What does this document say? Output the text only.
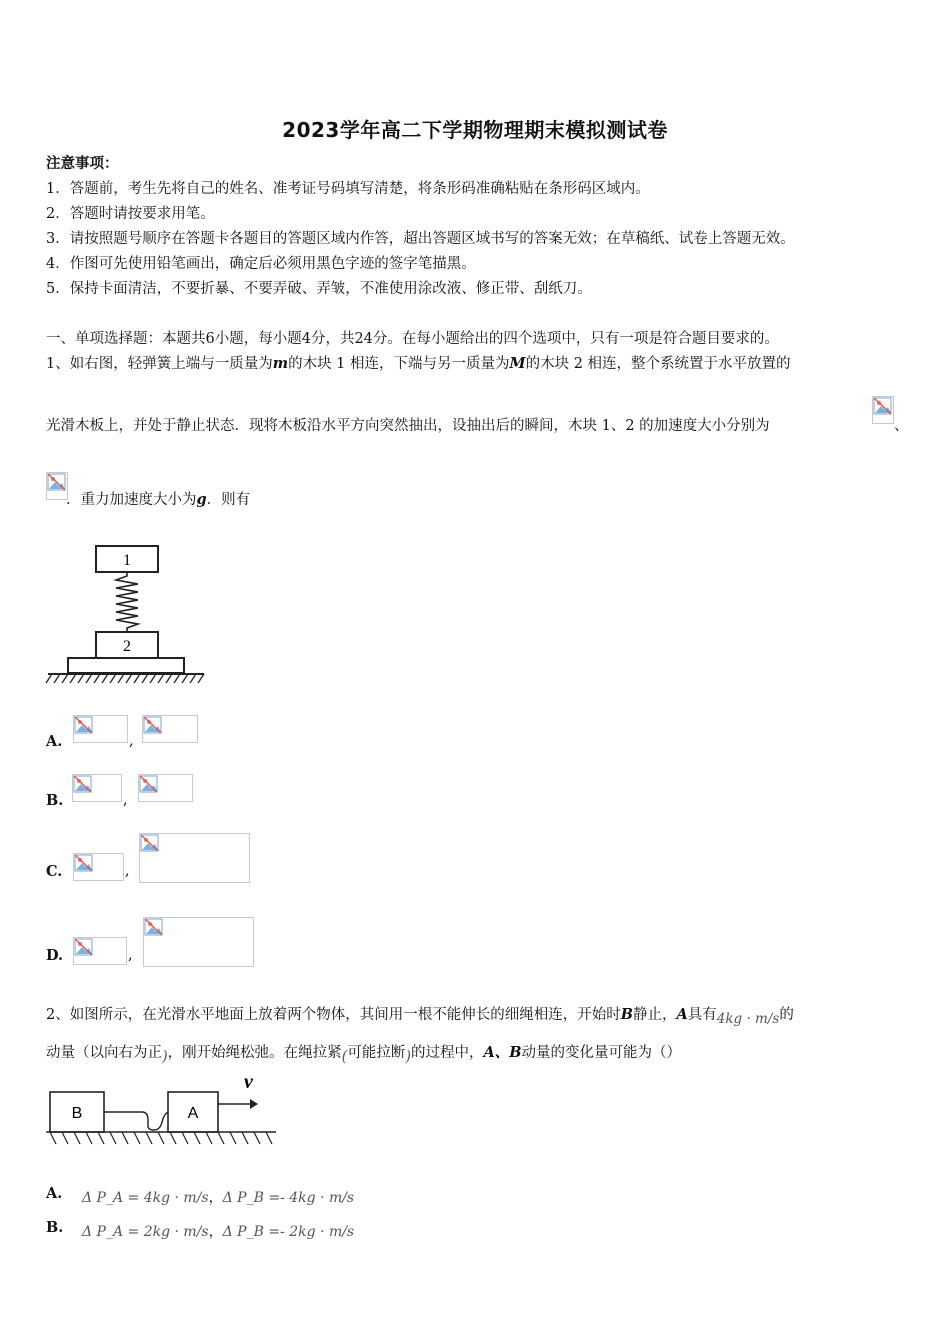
2023学年高二下学期物理期末模拟测试卷
注意事项：
1．答题前，考生先将自己的姓名、准考证号码填写清楚，将条形码准确粘贴在条形码区域内。
2．答题时请按要求用笔。
3．请按照题号顺序在答题卡各题目的答题区域内作答，超出答题区域书写的答案无效；在草稿纸、试卷上答题无效。
4．作图可先使用铅笔画出，确定后必须用黑色字迹的签字笔描黑。
5．保持卡面清洁，不要折暴、不要弄破、弄皱，不准使用涂改液、修正带、刮纸刀。
一、单项选择题：本题共6小题，每小题4分，共24分。在每小题给出的四个选项中，只有一项是符合题目要求的。
1、如右图，轻弹簧上端与一质量为m的木块 1 相连，下端与另一质量为M的木块 2 相连，整个系统置于水平放置的
光滑木板上，并处于静止状态．现将木板沿水平方向突然抽出，设抽出后的瞬间，木块 1、2 的加速度大小分别为	、
．重力加速度大小为g．则有
1
2
A.	,
B.	,
C.	,
D.	,
2、如图所示，在光滑水平地面上放着两个物体，其间用一根不能伸长的细绳相连，开始时B静止，A具有4kg · m/s的
动量（以向右为正)，刚开始绳松弛。在绳拉紧(可能拉断)的过程中，A、B动量的变化量可能为（）
B	A
v
A. Δ P_A = 4kg · m/s，Δ P_B =- 4kg · m/s
B. Δ P_A = 2kg · m/s，Δ P_B =- 2kg · m/s
